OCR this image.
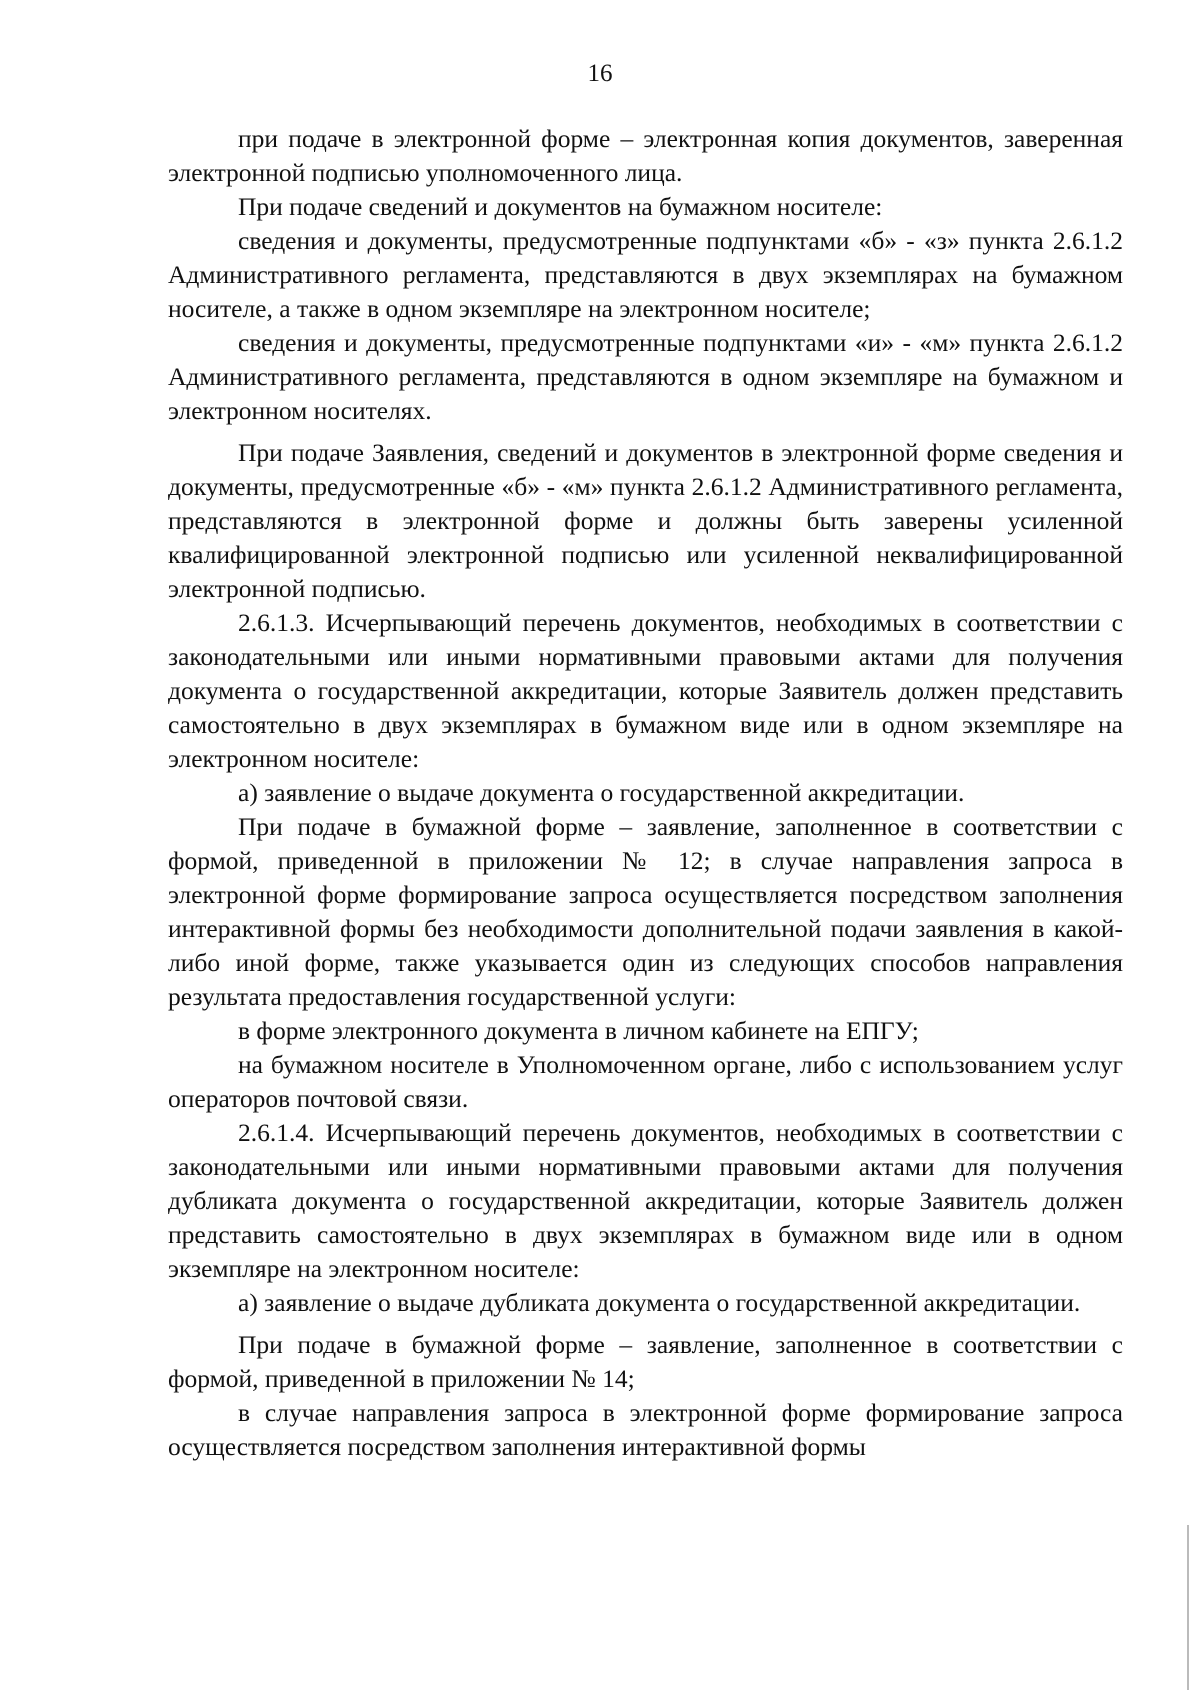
16

при подаче в электронной форме – электронная копия документов, заверенная электронной подписью уполномоченного лица.

При подаче сведений и документов на бумажном носителе:

сведения и документы, предусмотренные подпунктами «б» - «з» пункта 2.6.1.2 Административного регламента, представляются в двух экземплярах на бумажном носителе, а также в одном экземпляре на электронном носителе;

сведения и документы, предусмотренные подпунктами «и» - «м» пункта 2.6.1.2 Административного регламента, представляются в одном экземпляре на бумажном и электронном носителях.

При подаче Заявления, сведений и документов в электронной форме сведения и документы, предусмотренные «б» - «м» пункта 2.6.1.2 Административного регламента, представляются в электронной форме и должны быть заверены усиленной квалифицированной электронной подписью или усиленной неквалифицированной электронной подписью.

2.6.1.3. Исчерпывающий перечень документов, необходимых в соответствии с законодательными или иными нормативными правовыми актами для получения документа о государственной аккредитации, которые Заявитель должен представить самостоятельно в двух экземплярах в бумажном виде или в одном экземпляре на электронном носителе:

а) заявление о выдаче документа о государственной аккредитации.

При подаче в бумажной форме – заявление, заполненное в соответствии с формой, приведенной в приложении № 12; в случае направления запроса в электронной форме формирование запроса осуществляется посредством заполнения интерактивной формы без необходимости дополнительной подачи заявления в какой-либо иной форме, также указывается один из следующих способов направления результата предоставления государственной услуги:

в форме электронного документа в личном кабинете на ЕПГУ;

на бумажном носителе в Уполномоченном органе, либо с использованием услуг операторов почтовой связи.

2.6.1.4. Исчерпывающий перечень документов, необходимых в соответствии с законодательными или иными нормативными правовыми актами для получения дубликата документа о государственной аккредитации, которые Заявитель должен представить самостоятельно в двух экземплярах в бумажном виде или в одном экземпляре на электронном носителе:

а) заявление о выдаче дубликата документа о государственной аккредитации.

При подаче в бумажной форме – заявление, заполненное в соответствии с формой, приведенной в приложении № 14;

в случае направления запроса в электронной форме формирование запроса осуществляется посредством заполнения интерактивной формы
